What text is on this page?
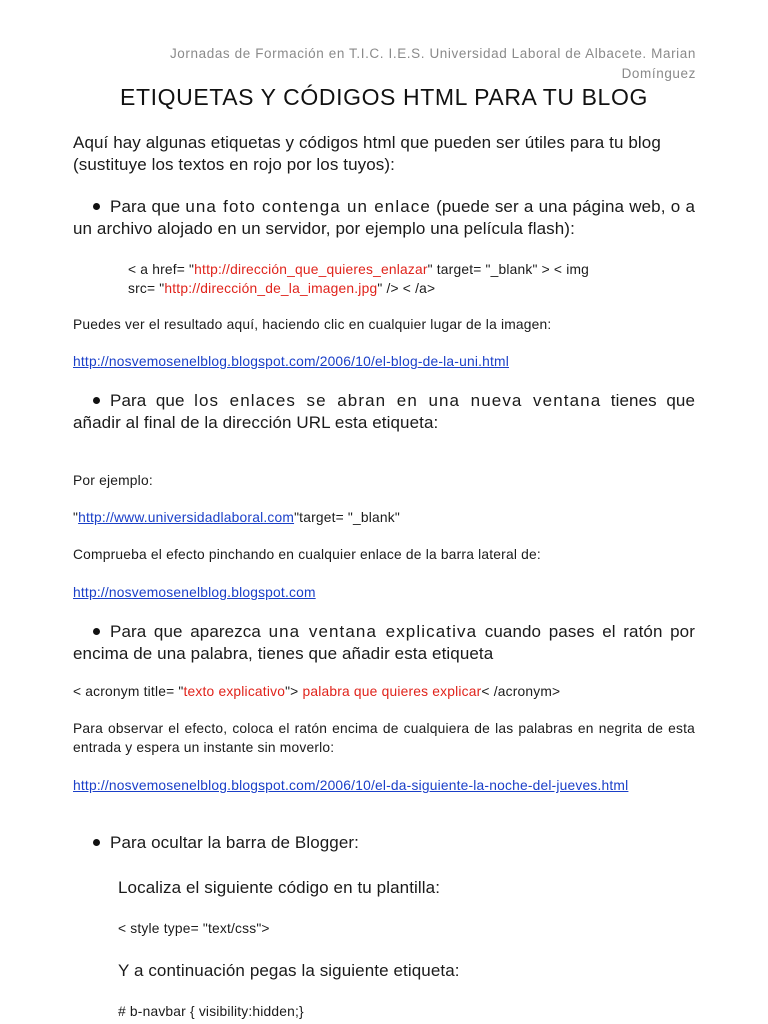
Jornadas de Formación en T.I.C. I.E.S. Universidad Laboral de Albacete. Marian
Domínguez
ETIQUETAS Y CÓDIGOS HTML PARA TU BLOG
Aquí hay algunas etiquetas y códigos html que pueden ser útiles para tu blog (sustituye los textos en rojo por los tuyos):
Para que una foto contenga un enlace (puede ser a una página web, o a un archivo alojado en un servidor, por ejemplo una película flash):
< a href= "http://dirección_que_quieres_enlazar" target= "_blank" > < img
src= "http://dirección_de_la_imagen.jpg" /> < /a>
Puedes ver el resultado aquí, haciendo clic en cualquier lugar de la imagen:
http://nosvemosenelblog.blogspot.com/2006/10/el-blog-de-la-uni.html
Para que los enlaces se abran en una nueva ventana tienes que añadir al final de la dirección URL esta etiqueta:
Por ejemplo:
"http://www.universidadlaboral.com"target= "_blank"
Comprueba el efecto pinchando en cualquier enlace de la barra lateral de:
http://nosvemosenelblog.blogspot.com
Para que aparezca una ventana explicativa cuando pases el ratón por encima de una palabra, tienes que añadir esta etiqueta
< acronym title= "texto explicativo"> palabra que quieres explicar< /acronym>
Para observar el efecto, coloca el ratón encima de cualquiera de las palabras en negrita de esta entrada y espera un instante sin moverlo:
http://nosvemosenelblog.blogspot.com/2006/10/el-da-siguiente-la-noche-del-jueves.html
Para ocultar la barra de Blogger:
Localiza el siguiente código en tu plantilla:
< style type= "text/css">
Y a continuación pegas la siguiente etiqueta:
# b-navbar { visibility:hidden;}
